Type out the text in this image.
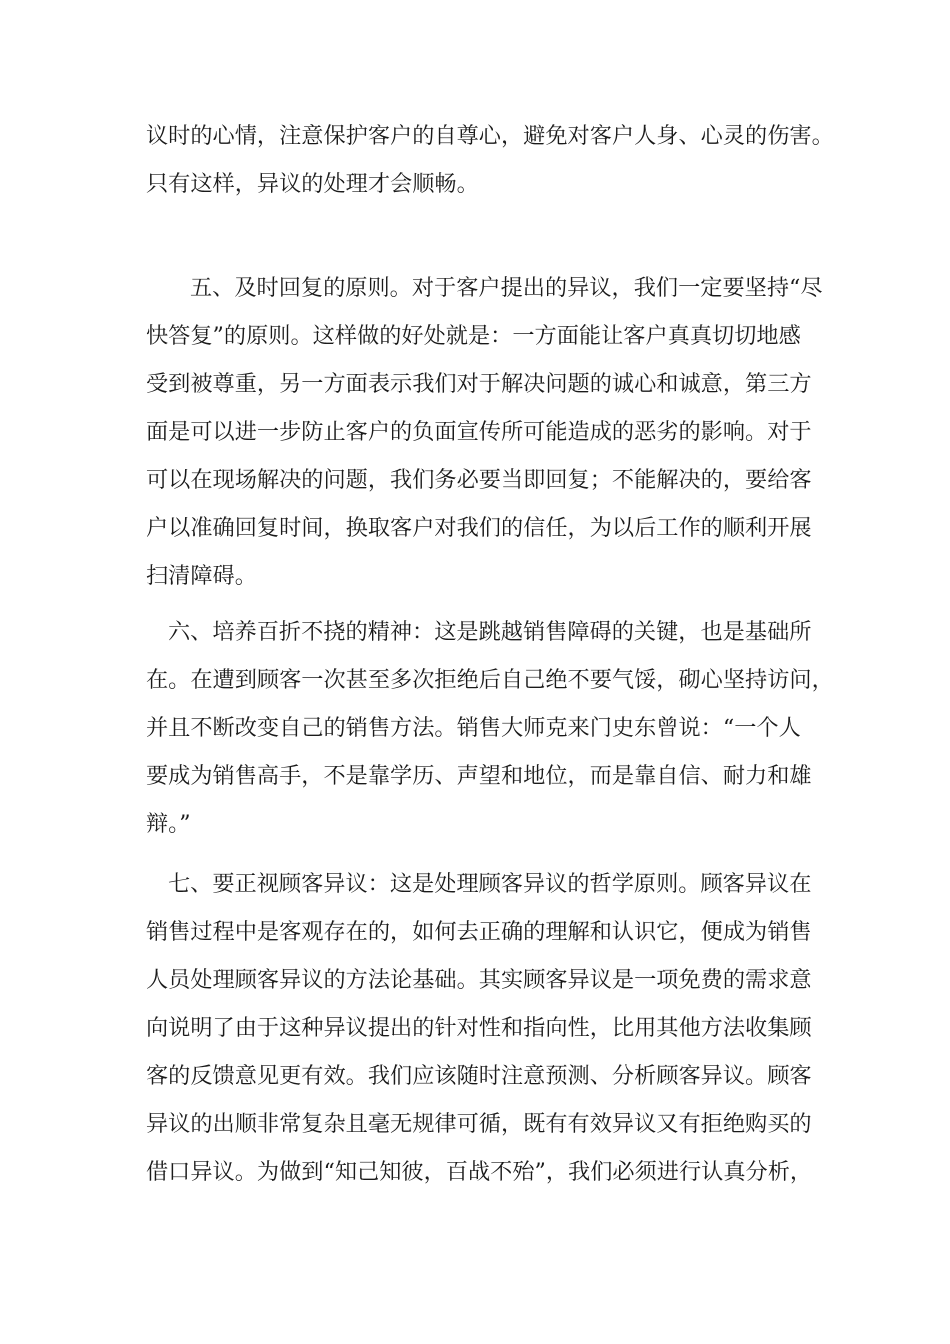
议时的心情，注意保护客户的自尊心，避免对客户人身、心灵的伤害。
只有这样，异议的处理才会顺畅。
五、及时回复的原则。对于客户提出的异议，我们一定要坚持“尽
快答复”的原则。这样做的好处就是：一方面能让客户真真切切地感
受到被尊重，另一方面表示我们对于解决问题的诚心和诚意，第三方
面是可以进一步防止客户的负面宣传所可能造成的恶劣的影响。对于
可以在现场解决的问题，我们务必要当即回复；不能解决的，要给客
户以准确回复时间，换取客户对我们的信任，为以后工作的顺利开展
扫清障碍。
六、培养百折不挠的精神：这是跳越销售障碍的关键，也是基础所
在。在遭到顾客一次甚至多次拒绝后自己绝不要气馁，砌心坚持访问，
并且不断改变自己的销售方法。销售大师克来门史东曾说：“一个人
要成为销售高手，不是靠学历、声望和地位，而是靠自信、耐力和雄
辩。”
七、要正视顾客异议：这是处理顾客异议的哲学原则。顾客异议在
销售过程中是客观存在的，如何去正确的理解和认识它，便成为销售
人员处理顾客异议的方法论基础。其实顾客异议是一项免费的需求意
向说明了由于这种异议提出的针对性和指向性，比用其他方法收集顾
客的反馈意见更有效。我们应该随时注意预测、分析顾客异议。顾客
异议的出顺非常复杂且毫无规律可循，既有有效异议又有拒绝购买的
借口异议。为做到“知己知彼，百战不殆”，我们必须进行认真分析，
